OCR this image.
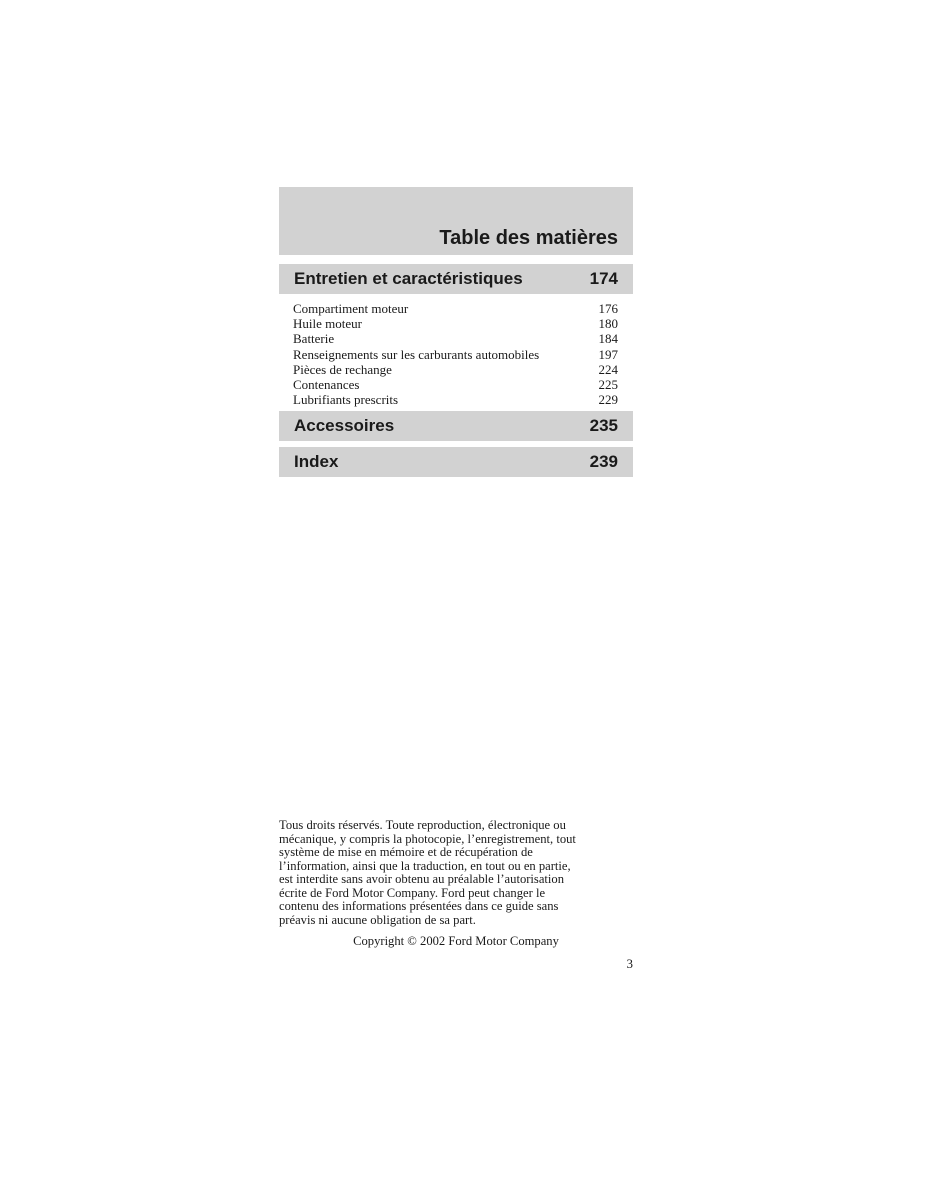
Table des matières
Entretien et caractéristiques	174
Compartiment moteur	176
Huile moteur	180
Batterie	184
Renseignements sur les carburants automobiles	197
Pièces de rechange	224
Contenances	225
Lubrifiants prescrits	229
Accessoires	235
Index	239
Tous droits réservés. Toute reproduction, électronique ou
mécanique, y compris la photocopie, l’enregistrement, tout
système de mise en mémoire et de récupération de
l’information, ainsi que la traduction, en tout ou en partie,
est interdite sans avoir obtenu au préalable l’autorisation
écrite de Ford Motor Company. Ford peut changer le
contenu des informations présentées dans ce guide sans
préavis ni aucune obligation de sa part.
Copyright © 2002 Ford Motor Company
3
